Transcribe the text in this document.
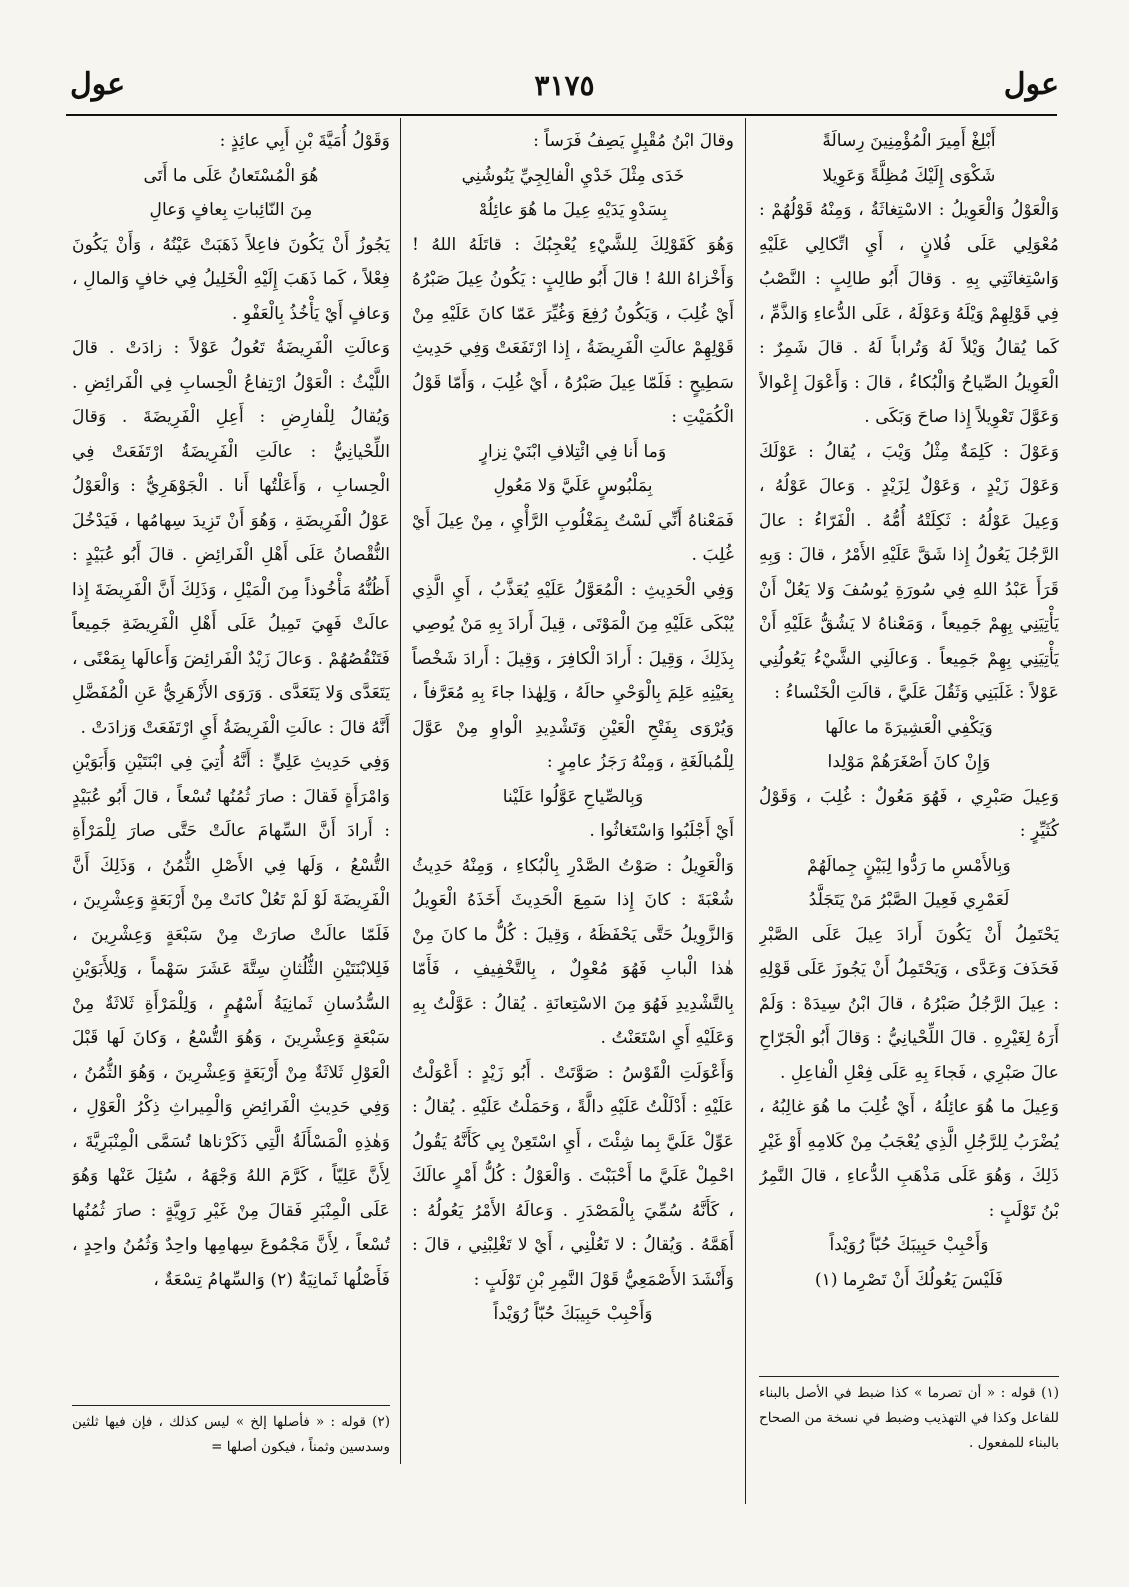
عول
٣١٧٥
عول

أَبْلِغْ أَمِيرَ الْمُؤْمِنِينَ رِسالَةً

شَكْوَى إِلَيْكَ مُظِلَّةً وَعَوِيلا

وَالْعَوْلُ وَالْعَوِيلُ : الاسْتِغاثَةُ ، وَمِنْهُ قَوْلُهُمْ : مُعْوَلِي عَلَى فُلانٍ ، أَيِ اتِّكالِي عَلَيْهِ وَاسْتِغاثَتِي بِهِ . وَقالَ أَبُو طالِبٍ : النَّصْبُ فِي قَوْلِهِمْ وَيْلَهُ وَعَوْلَهُ ، عَلَى الدُّعاءِ وَالذَّمِّ ، كَما يُقالُ وَيْلاً لَهُ وَتُراباً لَهُ . قالَ شَمِرٌ : الْعَوِيلُ الصِّياحُ وَالْبُكاءُ ، قالَ : وَأَعْوَلَ إِعْوالاً وَعَوَّلَ تَعْوِيلاً إِذا صاحَ وَبَكَى .

وَعَوْلَ : كَلِمَةٌ مِثْلُ وَيْبَ ، يُقالُ : عَوْلَكَ وَعَوْلَ زَيْدٍ ، وَعَوْلٌ لِزَيْدٍ . وَعالَ عَوْلُهُ ، وَعِيلَ عَوْلُهُ : ثَكِلَتْهُ أُمُّهُ . الْفَرّاءُ : عالَ الرَّجُلَ يَعُولُ إِذا شَقَّ عَلَيْهِ الأَمْرُ ، قالَ : وَبِهِ قَرَأَ عَبْدُ اللهِ فِي سُورَةِ يُوسُفَ وَلا يَعُلْ أَنْ يَأْتِيَنِي بِهِمْ جَمِيعاً ، وَمَعْناهُ لا يَشُقُّ عَلَيْهِ أَنْ يَأْتِيَنِي بِهِمْ جَمِيعاً . وَعالَنِي الشَّيْءُ يَعُولُنِي عَوْلاً : غَلَبَنِي وَثَقُلَ عَلَيَّ ، قالَتِ الْخَنْساءُ :

وَيَكْفِي الْعَشِيرَةَ ما عالَها

وَإِنْ كانَ أَصْغَرَهُمْ مَوْلِدا

وَعِيلَ صَبْرِي ، فَهُوَ مَعُولٌ : غُلِبَ ، وَقَوْلُ كُثَيِّرٍ :

وَبِالأَمْسِ ما رَدُّوا لِبَيْنٍ جِمالَهُمْ

لَعَمْرِي فَعِيلَ الصَّبْرُ مَنْ يَتَجَلَّدُ

يَحْتَمِلُ أَنْ يَكُونَ أَرادَ عِيلَ عَلَى الصَّبْرِ فَحَذَفَ وَعَدَّى ، وَيَحْتَمِلُ أَنْ يَجُوزَ عَلَى قَوْلِهِ : عِيلَ الرَّجُلُ صَبْرُهُ ، قالَ ابْنُ سِيدَهْ : وَلَمْ أَرَهُ لِغَيْرِهِ . قالَ اللِّحْيانِيُّ : وَقالَ أَبُو الْجَرّاحِ عالَ صَبْرِي ، فَجاءَ بِهِ عَلَى فِعْلِ الْفاعِلِ .

وَعِيلَ ما هُوَ عائِلُهُ ، أَيْ غُلِبَ ما هُوَ غالِبُهُ ، يُضْرَبُ لِلرَّجُلِ الَّذِي يُعْجَبُ مِنْ كَلامِهِ أَوْ غَيْرِ ذَلِكَ ، وَهُوَ عَلَى مَذْهَبِ الدُّعاءِ ، قالَ النَّمِرُ بْنُ تَوْلَبٍ :

وَأَحْبِبْ حَبِيبَكَ حُبّاً رُوَيْداً

فَلَيْسَ يَعُولُكَ أَنْ تَصْرِما (١)

وقالَ ابْنُ مُقْبِلٍ يَصِفُ فَرَساً :

خَدَى مِثْلَ خَدْيِ الْفالِجِيِّ يَنُوشُنِي

بِسَدْوِ يَدَيْهِ عِيلَ ما هُوَ عائِلُهْ

وَهُوَ كَقَوْلِكَ لِلشَّيْءِ يُعْجِبُكَ : قاتَلَهُ اللهُ ! وَأَخْزاهُ اللهُ ! قالَ أَبُو طالِبٍ : يَكُونُ عِيلَ صَبْرُهُ أَيْ غُلِبَ ، وَيَكُونُ رُفِعَ وَغُيِّرَ عَمّا كانَ عَلَيْهِ مِنْ قَوْلِهِمْ عالَتِ الْفَرِيضَةُ ، إِذا ارْتَفَعَتْ وَفِي حَدِيثِ سَطِيحٍ : فَلَمّا عِيلَ صَبْرُهُ ، أَيْ غُلِبَ ، وَأَمّا قَوْلُ الْكُمَيْتِ :

وَما أَنا فِي ائْتِلافِ ابْنَيْ نِزارٍ

بِمَلْبُوسٍ عَلَيَّ وَلا مَعُولِ

فَمَعْناهُ أَنِّي لَسْتُ بِمَغْلُوبِ الرَّأْيِ ، مِنْ عِيلَ أَيْ غُلِبَ .

وَفِي الْحَدِيثِ : الْمُعَوَّلُ عَلَيْهِ يُعَذَّبُ ، أَيِ الَّذِي يُبْكَى عَلَيْهِ مِنَ الْمَوْتَى ، قِيلَ أَرادَ بِهِ مَنْ يُوصِي بِذَلِكَ ، وَقِيلَ : أَرادَ الْكافِرَ ، وَقِيلَ : أَرادَ شَخْصاً بِعَيْنِهِ عَلِمَ بِالْوَحْيِ حالَهُ ، وَلِهٰذا جاءَ بِهِ مُعَرَّفاً ، وَيُرْوَى بِفَتْحِ الْعَيْنِ وَتَشْدِيدِ الْواوِ مِنْ عَوَّلَ لِلْمُبالَغَةِ ، وَمِنْهُ رَجَزُ عامِرٍ :

وَبِالصِّياحِ عَوَّلُوا عَلَيْنا

أَيْ أَجْلَبُوا وَاسْتَغاثُوا .

وَالْعَوِيلُ : صَوْتُ الصَّدْرِ بِالْبُكاءِ ، وَمِنْهُ حَدِيثُ شُعْبَةَ : كانَ إِذا سَمِعَ الْحَدِيثَ أَخَذَهُ الْعَوِيلُ وَالزَّوِيلُ حَتَّى يَحْفَظَهُ ، وَقِيلَ : كُلُّ ما كانَ مِنْ هٰذا الْبابِ فَهُوَ مُعْوِلٌ ، بِالتَّخْفِيفِ ، فَأَمّا بِالتَّشْدِيدِ فَهُوَ مِنَ الاسْتِعانَةِ . يُقالُ : عَوَّلْتُ بِهِ وَعَلَيْهِ أَيِ اسْتَعَنْتُ .

وَأَعْوَلَتِ الْقَوْسُ : صَوَّتَتْ . أَبُو زَيْدٍ : أَعْوَلْتُ عَلَيْهِ : أَدْلَلْتُ عَلَيْهِ دالَّةً ، وَحَمَلْتُ عَلَيْهِ . يُقالُ : عَوِّلْ عَلَيَّ بِما شِئْتَ ، أَيِ اسْتَعِنْ بِي كَأَنَّهُ يَقُولُ احْمِلْ عَلَيَّ ما أَحْبَبْتَ . وَالْعَوْلُ : كُلُّ أَمْرٍ عالَكَ ، كَأَنَّهُ سُمِّيَ بِالْمَصْدَرِ . وَعالَهُ الأَمْرُ يَعُولُهُ : أَهَمَّهُ . وَيُقالُ : لا تَعُلْنِي ، أَيْ لا تَغْلِبْنِي ، قالَ : وَأَنْشَدَ الأَصْمَعِيُّ قَوْلَ النَّمِرِ بْنِ تَوْلَبٍ :

وَأَحْبِبْ حَبِيبَكَ حُبّاً رُوَيْداً

وَقَوْلُ أُمَيَّةَ بْنِ أَبِي عائِذٍ :

هُوَ الْمُسْتَعانُ عَلَى ما أَتَى

مِنَ النّائِباتِ بِعافٍ وَعالِ

يَجُوزُ أَنْ يَكُونَ فاعِلاً ذَهَبَتْ عَيْنُهُ ، وَأَنْ يَكُونَ فِعْلاً ، كَما ذَهَبَ إِلَيْهِ الْخَلِيلُ فِي خافٍ وَالمالِ ، وَعافٍ أَيْ يَأْخُذُ بِالْعَفْوِ .

وَعالَتِ الْفَرِيضَةُ تَعُولُ عَوْلاً : زادَتْ . قالَ اللَّيْثُ : الْعَوْلُ ارْتِفاعُ الْحِسابِ فِي الْفَرائِضِ . وَيُقالُ لِلْفارِضِ : أَعِلِ الْفَرِيضَةَ . وَقالَ اللِّحْيانِيُّ : عالَتِ الْفَرِيضَةُ ارْتَفَعَتْ فِي الْحِسابِ ، وَأَعَلْتُها أَنا . الْجَوْهَرِيُّ : وَالْعَوْلُ عَوْلُ الْفَرِيضَةِ ، وَهُوَ أَنْ تَزِيدَ سِهامُها ، فَيَدْخُلَ النُّقْصانُ عَلَى أَهْلِ الْفَرائِضِ . قالَ أَبُو عُبَيْدٍ : أَظُنُّهُ مَأْخُوذاً مِنَ الْمَيْلِ ، وَذَلِكَ أَنَّ الْفَرِيضَةَ إِذا عالَتْ فَهِيَ تَمِيلُ عَلَى أَهْلِ الْفَرِيضَةِ جَمِيعاً فَتَنْقُصُهُمْ . وَعالَ زَيْدٌ الْفَرائِضَ وَأَعالَها بِمَعْنًى ، يَتَعَدَّى وَلا يَتَعَدَّى . وَرَوَى الأَزْهَرِيُّ عَنِ الْمُفَضَّلِ أَنَّهُ قالَ : عالَتِ الْفَرِيضَةُ أَيِ ارْتَفَعَتْ وَزادَتْ .

وَفِي حَدِيثِ عَلِيٍّ : أَنَّهُ أُتِيَ فِي ابْنَتَيْنِ وَأَبَوَيْنِ وَامْرَأَةٍ فَقالَ : صارَ ثُمُنُها تُسْعاً ، قالَ أَبُو عُبَيْدٍ : أَرادَ أَنَّ السِّهامَ عالَتْ حَتَّى صارَ لِلْمَرْأَةِ التُّسْعُ ، وَلَها فِي الأَصْلِ الثُّمُنُ ، وَذَلِكَ أَنَّ الْفَرِيضَةَ لَوْ لَمْ تَعُلْ كانَتْ مِنْ أَرْبَعَةٍ وَعِشْرِينَ ، فَلَمّا عالَتْ صارَتْ مِنْ سَبْعَةٍ وَعِشْرِينَ ، فَلِلابْنَتَيْنِ الثُّلُثانِ سِتَّةَ عَشَرَ سَهْماً ، وَلِلأَبَوَيْنِ السُّدُسانِ ثَمانِيَةُ أَسْهُمٍ ، وَلِلْمَرْأَةِ ثَلاثَةٌ مِنْ سَبْعَةٍ وَعِشْرِينَ ، وَهُوَ التُّسْعُ ، وَكانَ لَها قَبْلَ الْعَوْلِ ثَلاثَةٌ مِنْ أَرْبَعَةٍ وَعِشْرِينَ ، وَهُوَ الثُّمُنُ ، وَفِي حَدِيثِ الْفَرائِضِ وَالْمِيراثِ ذِكْرُ الْعَوْلِ ، وَهٰذِهِ الْمَسْأَلَةُ الَّتِي ذَكَرْناها تُسَمَّى الْمِنْبَرِيَّةَ ، لِأَنَّ عَلِيّاً ، كَرَّمَ اللهُ وَجْهَهُ ، سُئِلَ عَنْها وَهُوَ عَلَى الْمِنْبَرِ فَقالَ مِنْ غَيْرِ رَوِيَّةٍ : صارَ ثُمُنُها تُسْعاً ، لِأَنَّ مَجْمُوعَ سِهامِها واحِدٌ وَثُمُنُ واحِدٍ ، فَأَصْلُها ثَمانِيَةٌ (٢) وَالسِّهامُ تِسْعَةٌ ،

(١) قوله : « أن تصرما » كذا ضبط في الأصل بالبناء للفاعل وكذا في التهذيب وضبط في نسخة من الصحاح بالبناء للمفعول .
(٢) قوله : « فأصلها إلخ » ليس كذلك ، فإن فيها ثلثين وسدسين وثمناً ، فيكون أصلها =
